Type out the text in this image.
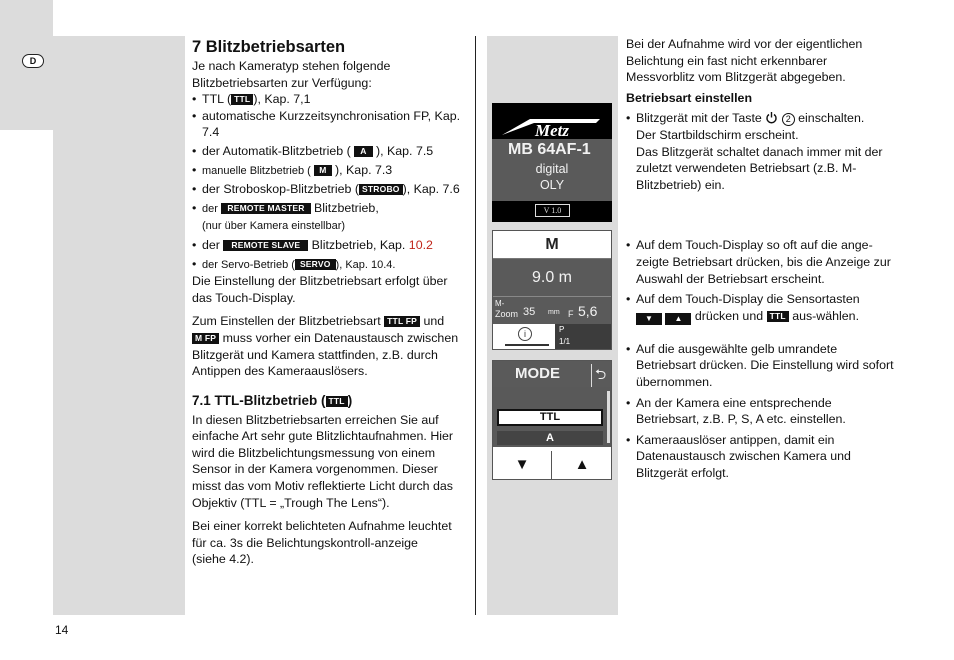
D
14
7 Blitzbetriebsarten
Je nach Kameratyp stehen folgende Blitzbetriebsarten zur Verfügung:
• TTL ( TTL ), Kap. 7,1
• automatische Kurzzeitsynchronisation FP, Kap. 7.4
• der Automatik-Blitzbetrieb ( A ), Kap. 7.5
• manuelle Blitzbetrieb ( M ), Kap. 7.3
• der Stroboskop-Blitzbetrieb ( STROBO ), Kap. 7.6
• der REMOTE MASTER Blitzbetrieb,
(nur über Kamera einstellbar)
• der REMOTE SLAVE Blitzbetrieb, Kap. 10.2
• der Servo-Betrieb ( SERVO ), Kap. 10.4.
Die Einstellung der Blitzbetriebsart erfolgt über das Touch-Display.
Zum Einstellen der Blitzbetriebsart TTL FP und
M FP muss vorher ein Datenaustausch zwischen Blitzgerät und Kamera stattfinden, z.B. durch Antippen des Kameraauslösers.
7.1 TTL-Blitzbetrieb ( TTL )
In diesen Blitzbetriebsarten erreichen Sie auf einfache Art sehr gute Blitzlichtaufnahmen. Hier wird die Blitzbelichtungsmessung von einem Sensor in der Kamera vorgenommen. Dieser misst das vom Motiv reflektierte Licht durch das Objektiv (TTL = „Trough The Lens“).
Bei einer korrekt belichteten Aufnahme leuchtet für ca. 3s die Belichtungskontroll-anzeige (siehe 4.2).
Metz
MB 64AF-1
digital
OLY
V 1.0
M
9.0 m
M-
Zoom 35 mm F 5,6
i	P
1/1
MODE	⮌
TTL
A
▼	▲
Bei der Aufnahme wird vor der eigentlichen Belichtung ein fast nicht erkennbarer Messvorblitz vom Blitzgerät abgegeben.
Betriebsart einstellen
• Blitzgerät mit der Taste	2 einschalten.
Der Startbildschirm erscheint.
Das Blitzgerät schaltet danach immer mit der zuletzt verwendeten Betriebsart (z.B. M-Blitzbetrieb) ein.
• Auf dem Touch-Display so oft auf die ange-zeigte Betriebsart drücken, bis die Anzeige zur Auswahl der Betriebsart erscheint.
• Auf dem Touch-Display die Sensortasten
▼	▲ drücken und TTL aus-wählen.
• Auf die ausgewählte gelb umrandete Betriebsart drücken. Die Einstellung wird sofort übernommen.
• An der Kamera eine entsprechende Betriebsart, z.B. P, S, A etc. einstellen.
• Kameraauslöser antippen, damit ein Datenaustausch zwischen Kamera und Blitzgerät erfolgt.
